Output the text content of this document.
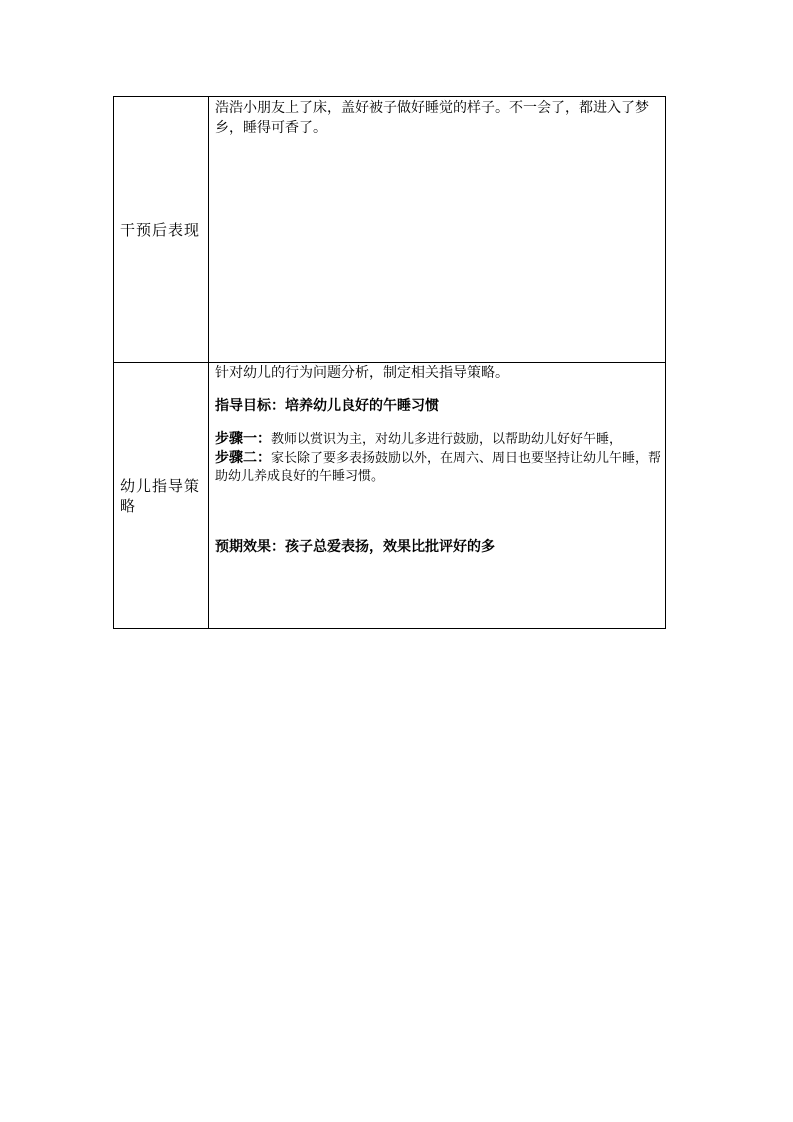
干预后表现	浩浩小朋友上了床，盖好被子做好睡觉的样子。不一会了，都进入了梦乡，睡得可香了。

幼儿指导策略	针对幼儿的行为问题分析，制定相关指导策略。

指导目标：培养幼儿良好的午睡习惯

步骤一：教师以赏识为主，对幼儿多进行鼓励，以帮助幼儿好好午睡，

步骤二：家长除了要多表扬鼓励以外，在周六、周日也要坚持让幼儿午睡，帮助幼儿养成良好的午睡习惯。

预期效果：孩子总爱表扬，效果比批评好的多
